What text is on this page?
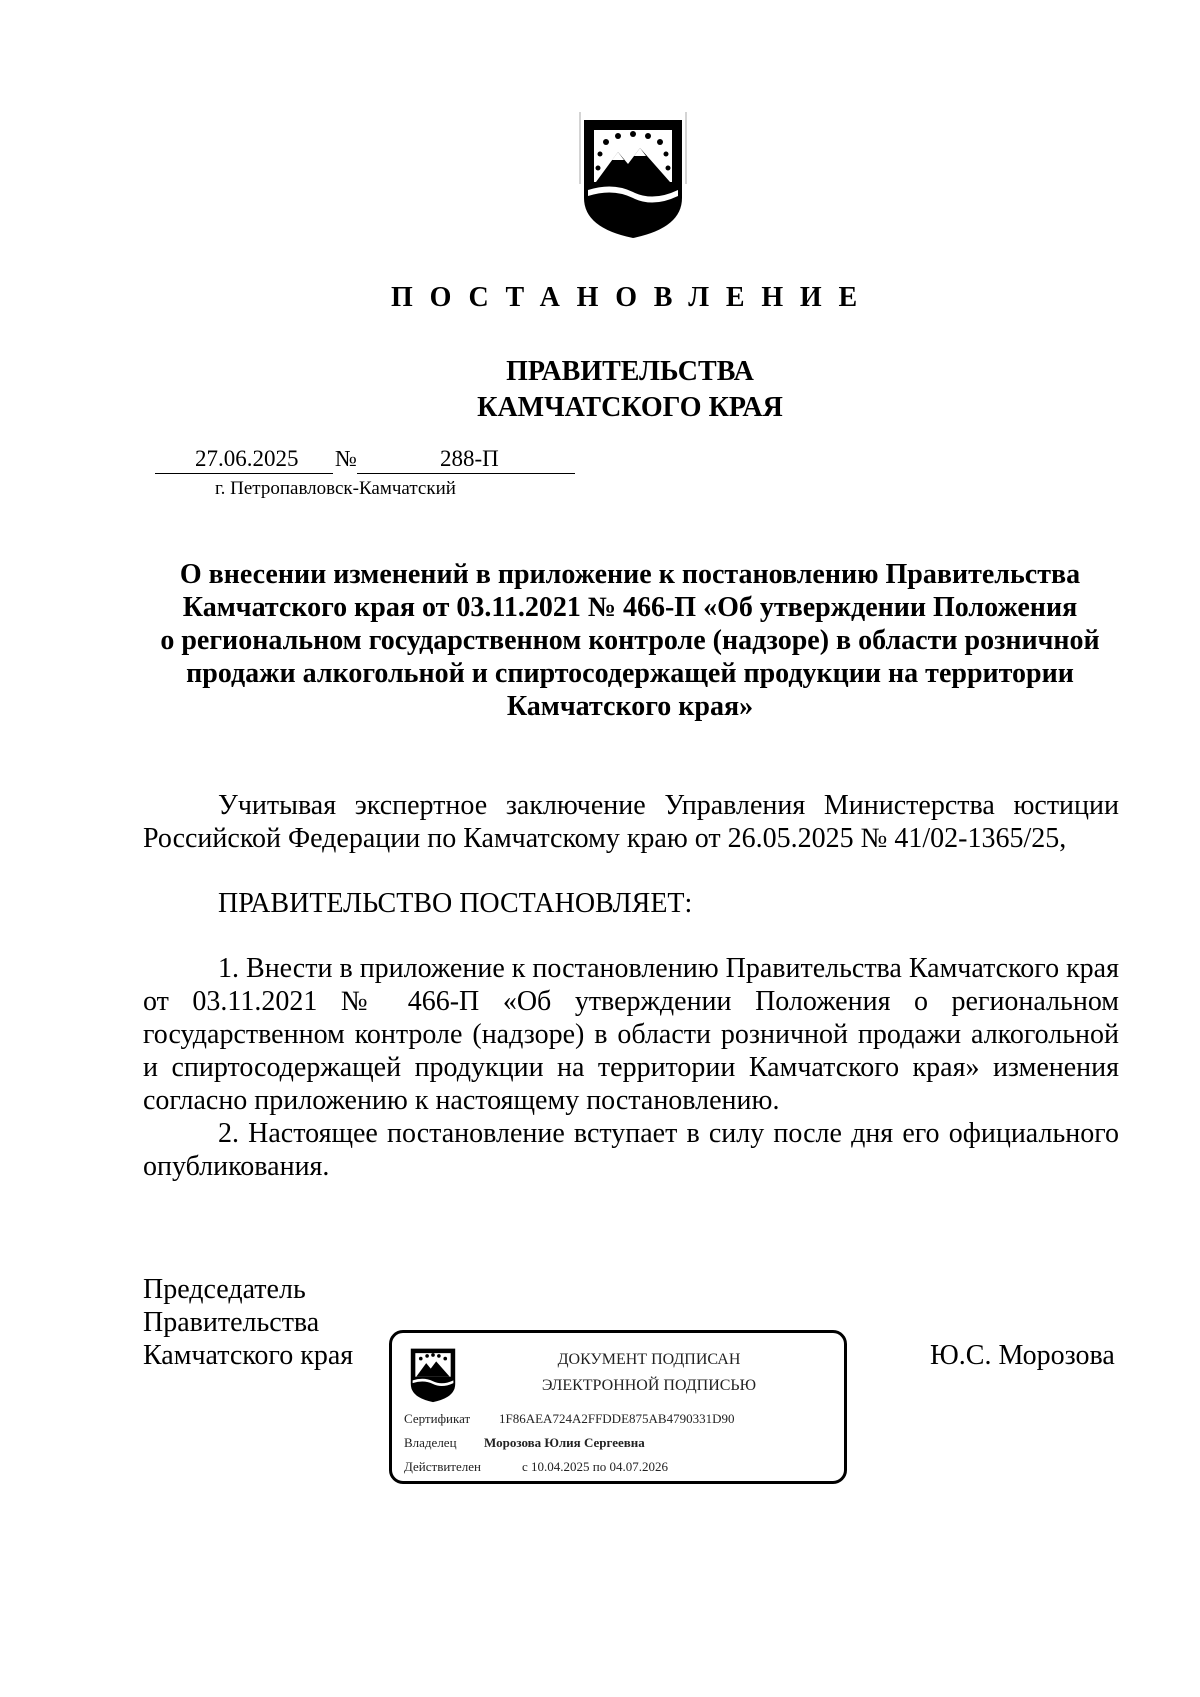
ПОСТАНОВЛЕНИЕ
ПРАВИТЕЛЬСТВА
КАМЧАТСКОГО КРАЯ
27.06.2025 №	288-П
г. Петропавловск-Камчатский
О внесении изменений в приложение к постановлению Правительства
Камчатского края от 03.11.2021 № 466-П «Об утверждении Положения
о региональном государственном контроле (надзоре) в области розничной
продажи алкогольной и спиртосодержащей продукции на территории
Камчатского края»

Учитывая экспертное заключение Управления Министерства юстиции Российской Федерации по Камчатскому краю от 26.05.2025 № 41/02-1365/25,

ПРАВИТЕЛЬСТВО ПОСТАНОВЛЯЕТ:

1. Внести в приложение к постановлению Правительства Камчатского края от 03.11.2021 № 466-П «Об утверждении Положения о региональном государственном контроле (надзоре) в области розничной продажи алкогольной и спиртосодержащей продукции на территории Камчатского края» изменения согласно приложению к настоящему постановлению.

2. Настоящее постановление вступает в силу после дня его официального опубликования.

Председатель
Правительства
Камчатского края	Ю.С. Морозова
ДОКУМЕНТ ПОДПИСАН
ЭЛЕКТРОННОЙ ПОДПИСЬЮ
Сертификат 1F86AEA724A2FFDDE875AB4790331D90
Владелец Морозова Юлия Сергеевна
Действителен	с 10.04.2025 по 04.07.2026
